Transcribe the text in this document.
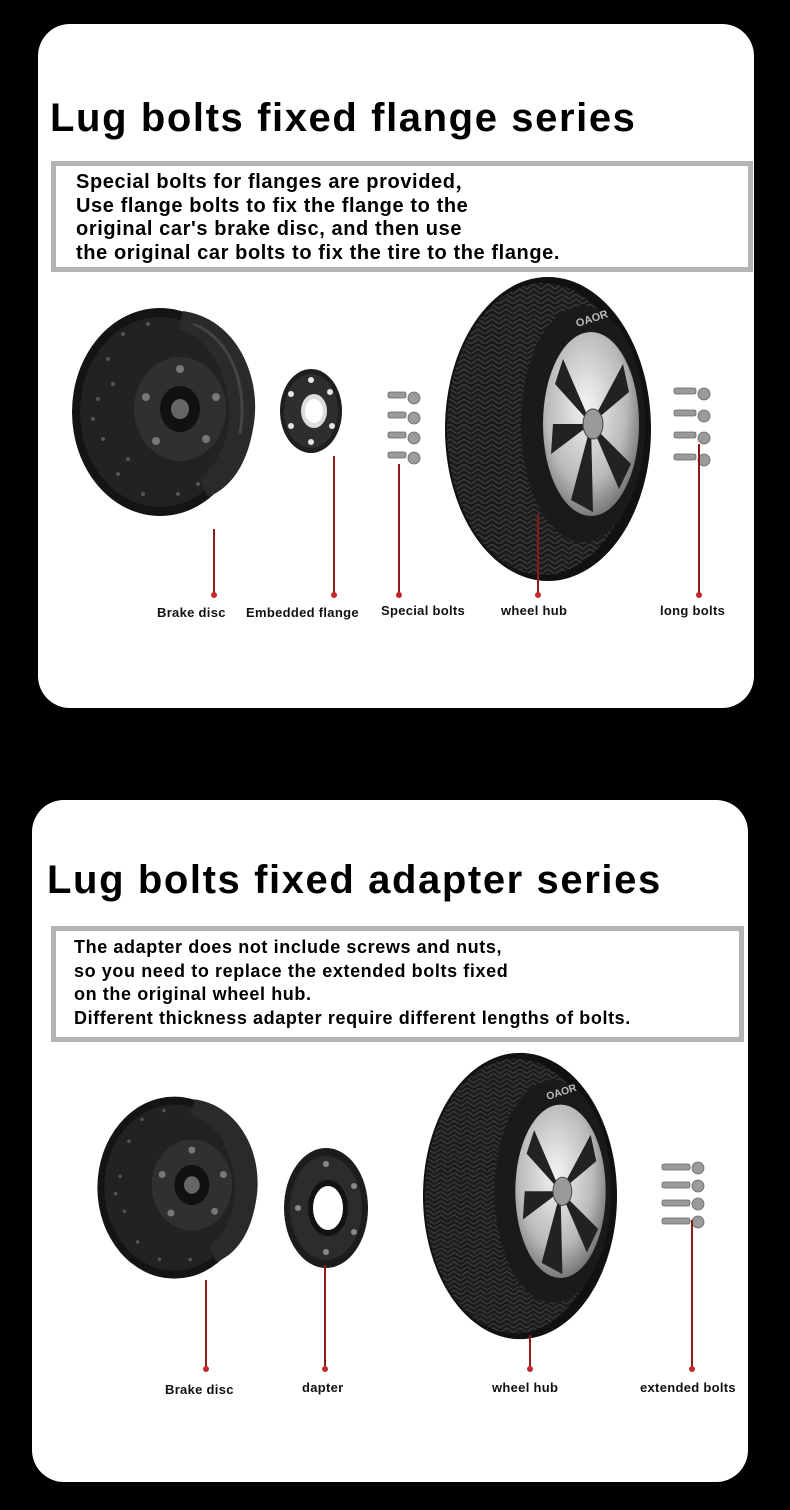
Lug bolts fixed flange series
Special bolts for flanges are provided，
Use flange bolts to fix the flange to the
original car's brake disc, and then use
the original car bolts to fix the tire to the flange.
OAOR
Brake disc Embedded flange Special bolts	wheel hub	long bolts
Lug bolts fixed adapter series
The adapter does not include screws and nuts,
so you need to replace the extended bolts fixed
on the original wheel hub.
Different thickness adapter require different lengths of bolts.
OAOR
Brake disc	dapter	wheel hub	extended bolts
